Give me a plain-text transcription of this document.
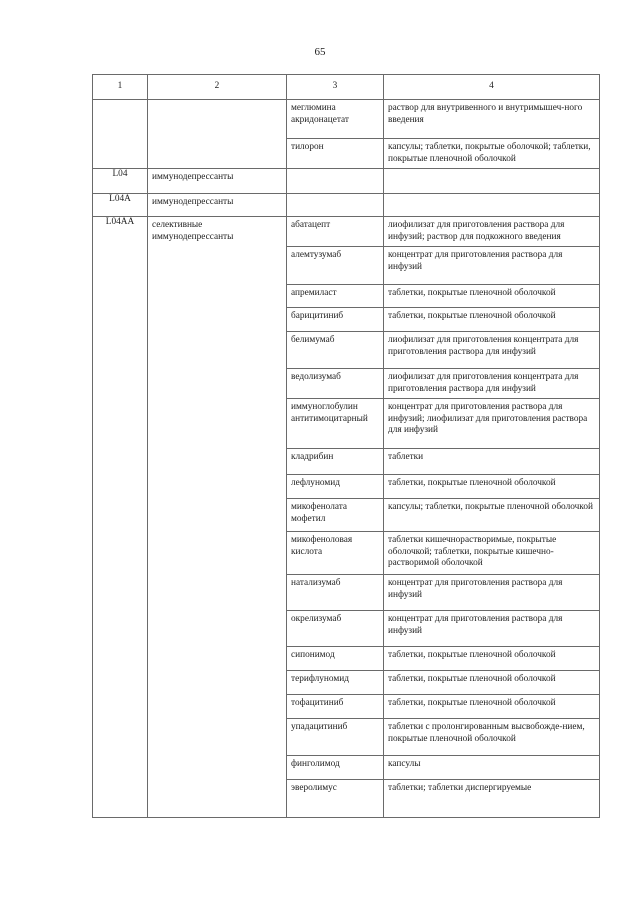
65
1	2	3	4
		меглюмина акридонацетат	раствор для внутривенного и внутримышеч-ного введения
		тилорон	капсулы; таблетки, покрытые оболочкой; таблетки, покрытые пленочной оболочкой
L04	иммунодепрессанты		
L04A	иммунодепрессанты		
L04AA	селективные иммунодепрессанты	абатацепт	лиофилизат для приготовления раствора для инфузий; раствор для подкожного введения
		алемтузумаб	концентрат для приготовления раствора для инфузий
		апремиласт	таблетки, покрытые пленочной оболочкой
		барицитиниб	таблетки, покрытые пленочной оболочкой
		белимумаб	лиофилизат для приготовления концентрата для приготовления раствора для инфузий
		ведолизумаб	лиофилизат для приготовления концентрата для приготовления раствора для инфузий
		иммуноглобулин антитимоцитарный	концентрат для приготовления раствора для инфузий; лиофилизат для приготовления раствора для инфузий
		кладрибин	таблетки
		лефлуномид	таблетки, покрытые пленочной оболочкой
		микофенолата мофетил	капсулы; таблетки, покрытые пленочной оболочкой
		микофеноловая кислота	таблетки кишечнорастворимые, покрытые оболочкой; таблетки, покрытые кишечно-растворимой оболочкой
		натализумаб	концентрат для приготовления раствора для инфузий
		окрелизумаб	концентрат для приготовления раствора для инфузий
		сипонимод	таблетки, покрытые пленочной оболочкой
		терифлуномид	таблетки, покрытые пленочной оболочкой
		тофацитиниб	таблетки, покрытые пленочной оболочкой
		упадацитиниб	таблетки с пролонгированным высвобожде-нием, покрытые пленочной оболочкой
		финголимод	капсулы
		эверолимус	таблетки; таблетки диспергируемые
